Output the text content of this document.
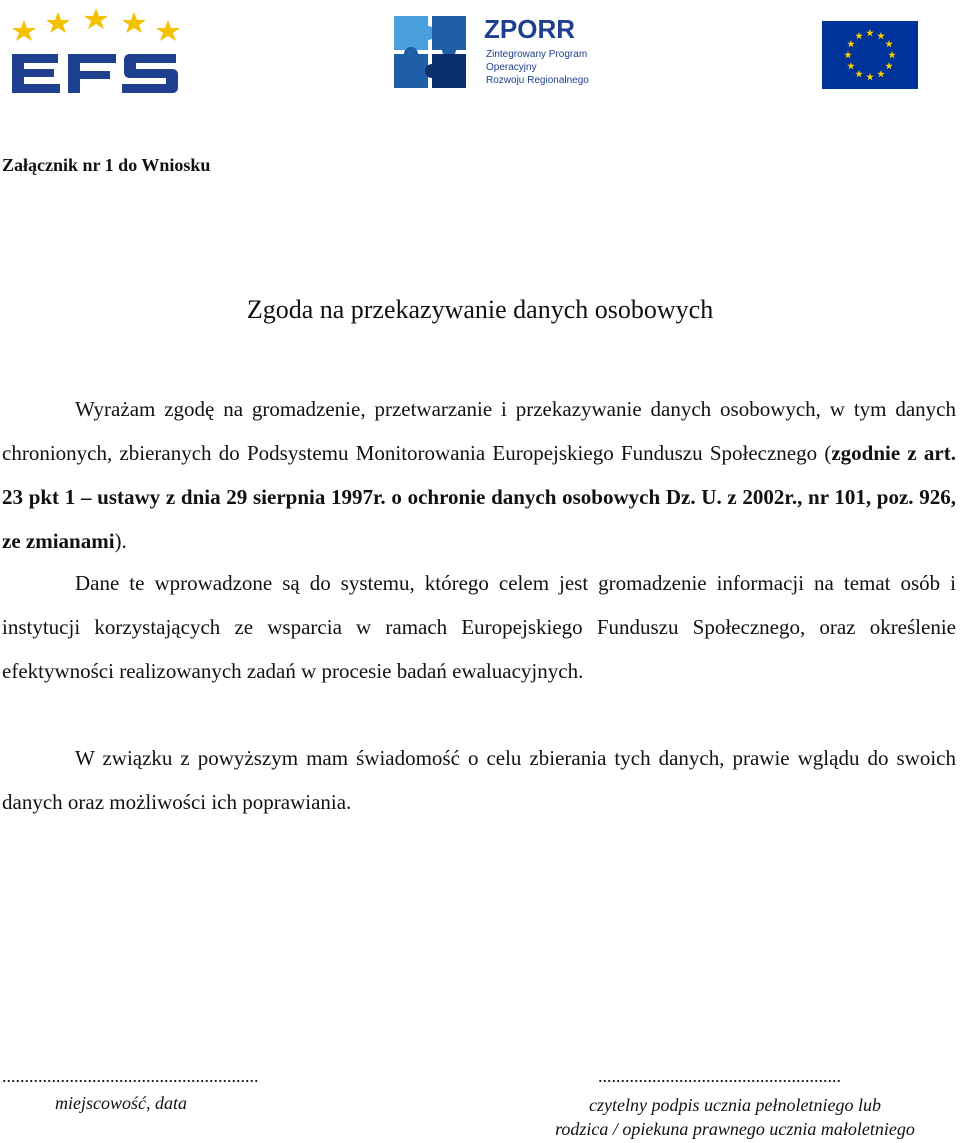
ZPORR
Zintegrowany Program
Operacyjny
Rozwoju Regionalnego
Załącznik nr 1 do Wniosku
Zgoda na przekazywanie danych osobowych

Wyrażam zgodę na gromadzenie, przetwarzanie i przekazywanie danych osobowych, w tym danych chronionych, zbieranych do Podsystemu Monitorowania Europejskiego Funduszu Społecznego (zgodnie z art. 23 pkt 1 – ustawy z dnia 29 sierpnia 1997r. o ochronie danych osobowych Dz. U. z 2002r., nr 101, poz. 926, ze zmianami).

Dane te wprowadzone są do systemu, którego celem jest gromadzenie informacji na temat osób i instytucji korzystających ze wsparcia w ramach Europejskiego Funduszu Społecznego, oraz określenie efektywności realizowanych zadań w procesie badań ewaluacyjnych.

W związku z powyższym mam świadomość o celu zbierania tych danych, prawie wglądu do swoich danych oraz możliwości ich poprawiania.

.........................................................
miejscowość, data
......................................................
czytelny podpis ucznia pełnoletniego lub
rodzica / opiekuna prawnego ucznia małoletniego
